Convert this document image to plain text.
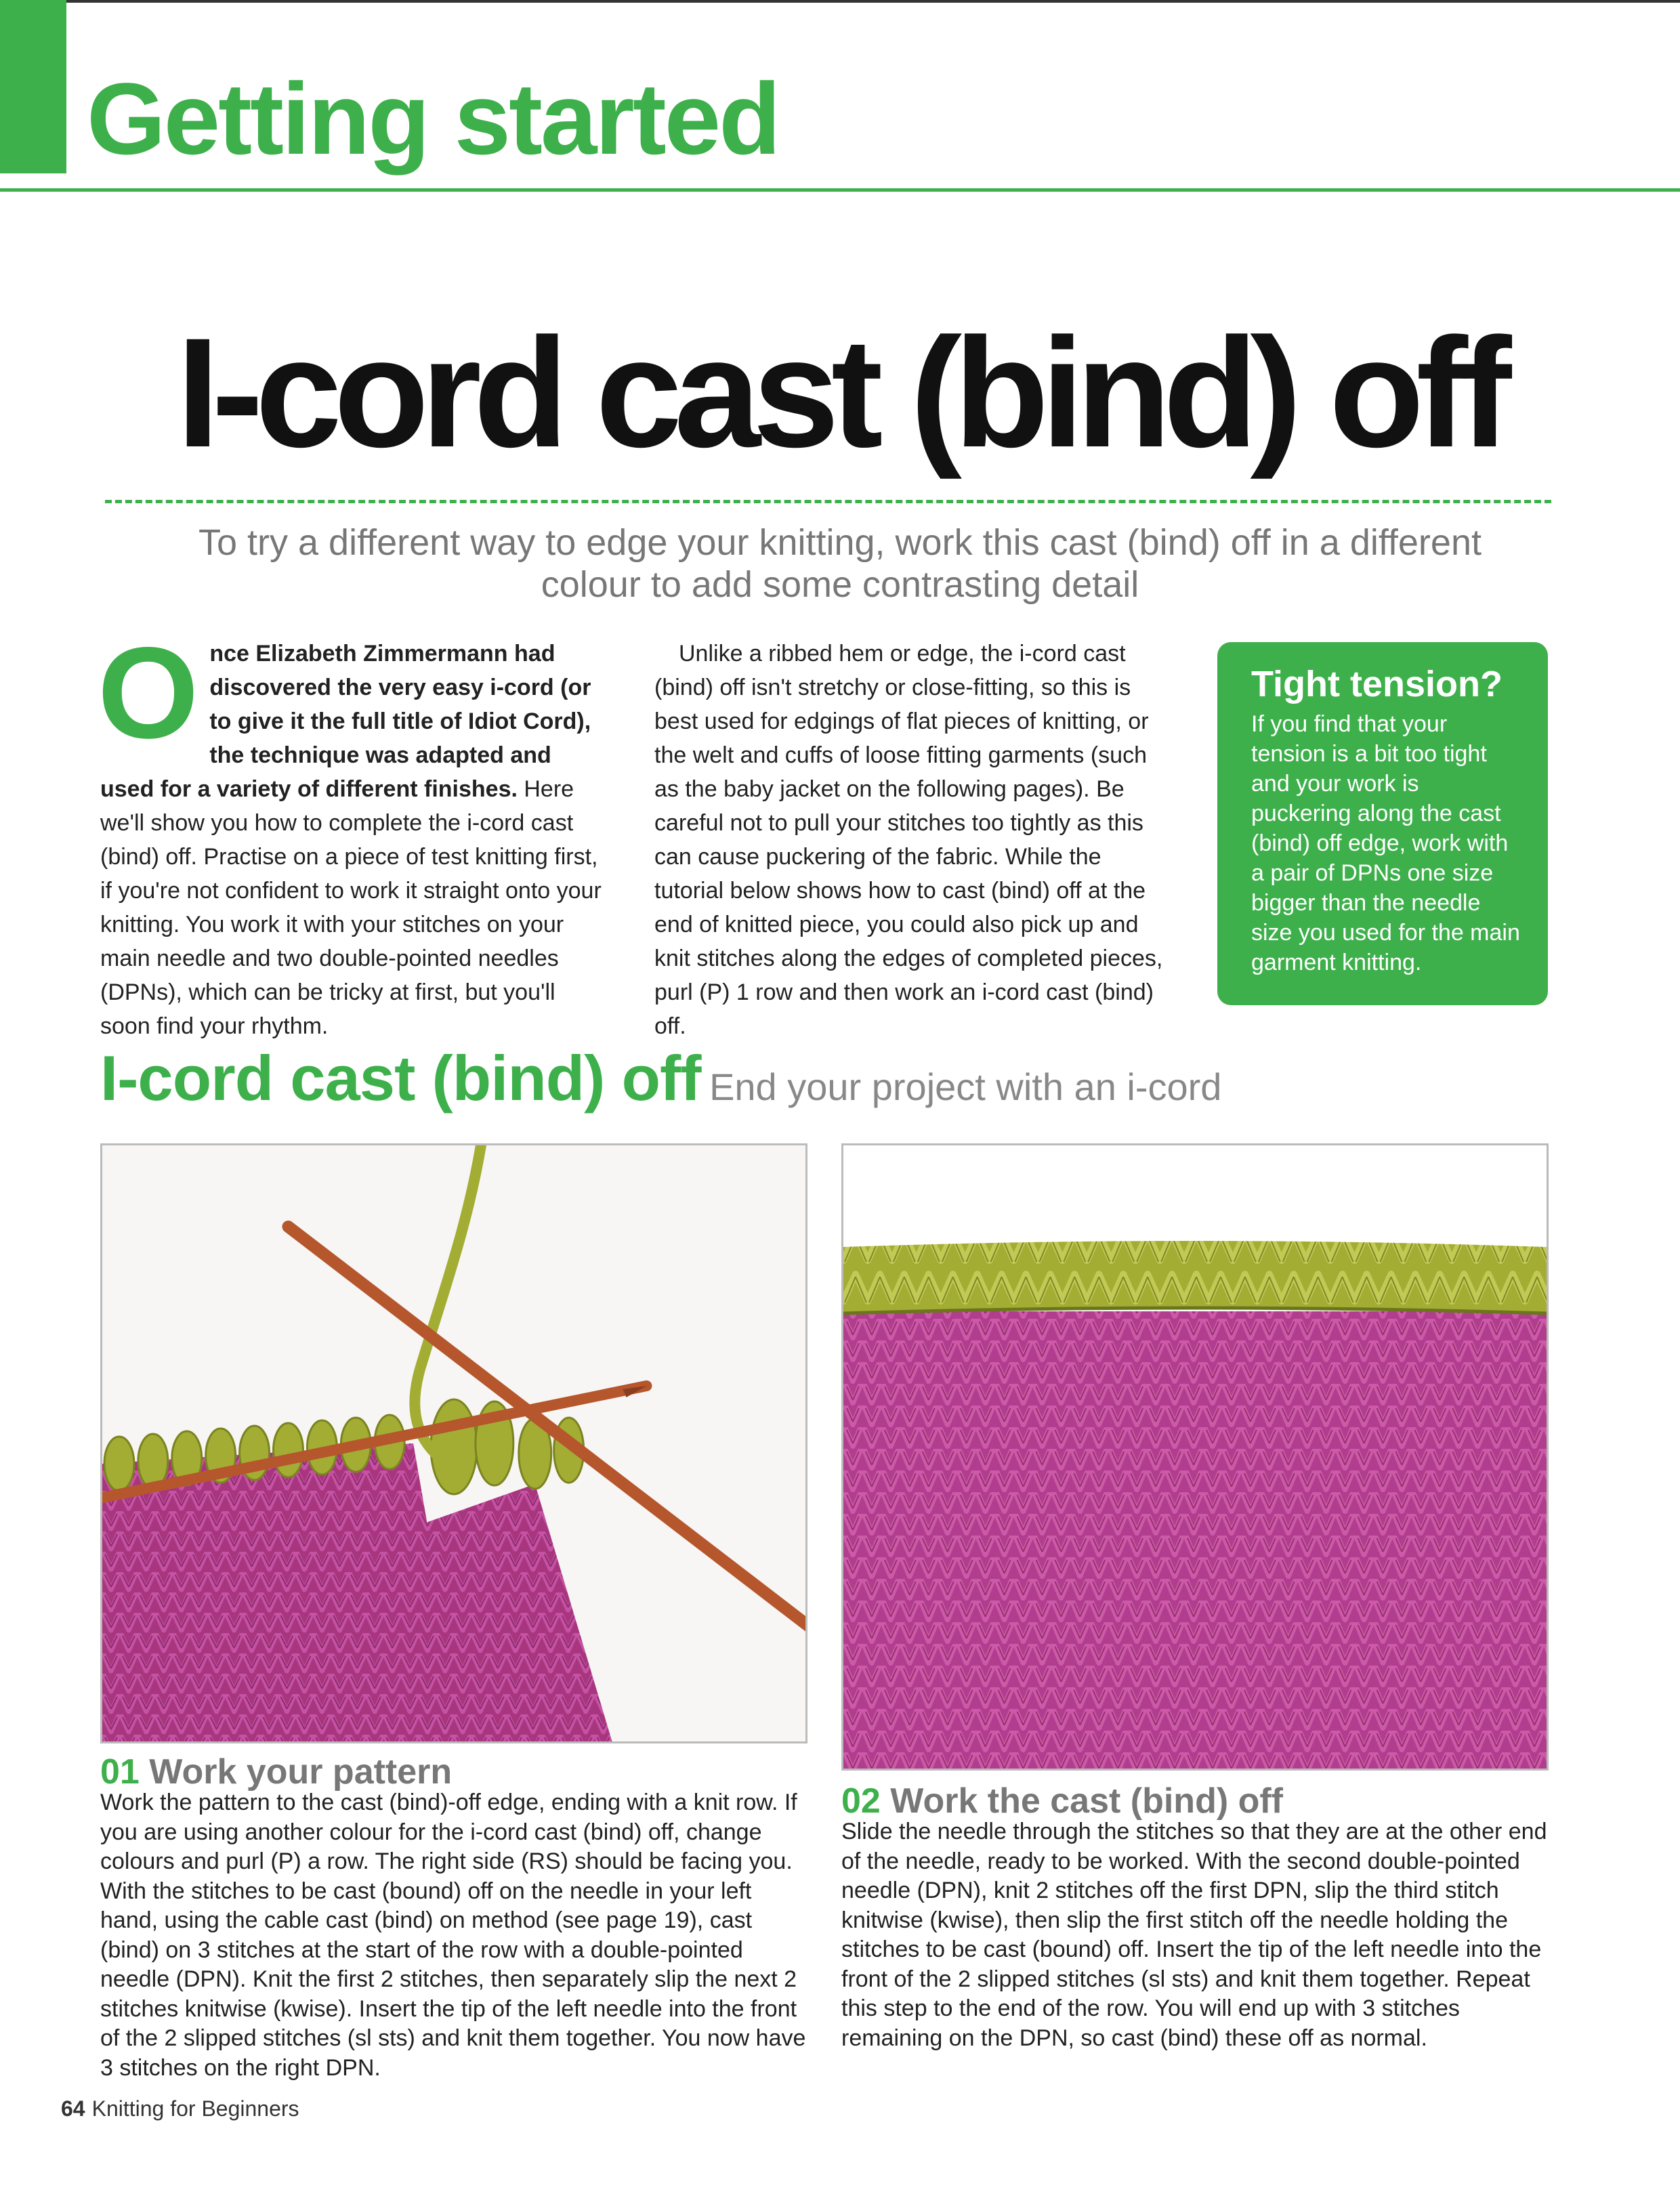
Getting started
I-cord cast (bind) off
To try a different way to edge your knitting, work this cast (bind) off in a different colour to add some contrasting detail
Once Elizabeth Zimmermann had discovered the very easy i-cord (or to give it the full title of Idiot Cord), the technique was adapted and used for a variety of different finishes. Here we'll show you how to complete the i-cord cast (bind) off. Practise on a piece of test knitting first, if you're not confident to work it straight onto your knitting. You work it with your stitches on your main needle and two double-pointed needles (DPNs), which can be tricky at first, but you'll soon find your rhythm.
Unlike a ribbed hem or edge, the i-cord cast (bind) off isn't stretchy or close-fitting, so this is best used for edgings of flat pieces of knitting, or the welt and cuffs of loose fitting garments (such as the baby jacket on the following pages). Be careful not to pull your stitches too tightly as this can cause puckering of the fabric. While the tutorial below shows how to cast (bind) off at the end of knitted piece, you could also pick up and knit stitches along the edges of completed pieces, purl (P) 1 row and then work an i-cord cast (bind) off.
Tight tension?
If you find that your tension is a bit too tight and your work is puckering along the cast (bind) off edge, work with a pair of DPNs one size bigger than the needle size you used for the main garment knitting.
I-cord cast (bind) off End your project with an i-cord
01 Work your pattern
Work the pattern to the cast (bind)-off edge, ending with a knit row. If you are using another colour for the i-cord cast (bind) off, change colours and purl (P) a row. The right side (RS) should be facing you. With the stitches to be cast (bound) off on the needle in your left hand, using the cable cast (bind) on method (see page 19), cast (bind) on 3 stitches at the start of the row with a double-pointed needle (DPN). Knit the first 2 stitches, then separately slip the next 2 stitches knitwise (kwise). Insert the tip of the left needle into the front of the 2 slipped stitches (sl sts) and knit them together. You now have 3 stitches on the right DPN.
02 Work the cast (bind) off
Slide the needle through the stitches so that they are at the other end of the needle, ready to be worked. With the second double-pointed needle (DPN), knit 2 stitches off the first DPN, slip the third stitch knitwise (kwise), then slip the first stitch off the needle holding the stitches to be cast (bound) off. Insert the tip of the left needle into the front of the 2 slipped stitches (sl sts) and knit them together. Repeat this step to the end of the row. You will end up with 3 stitches remaining on the DPN, so cast (bind) these off as normal.
64 Knitting for Beginners
